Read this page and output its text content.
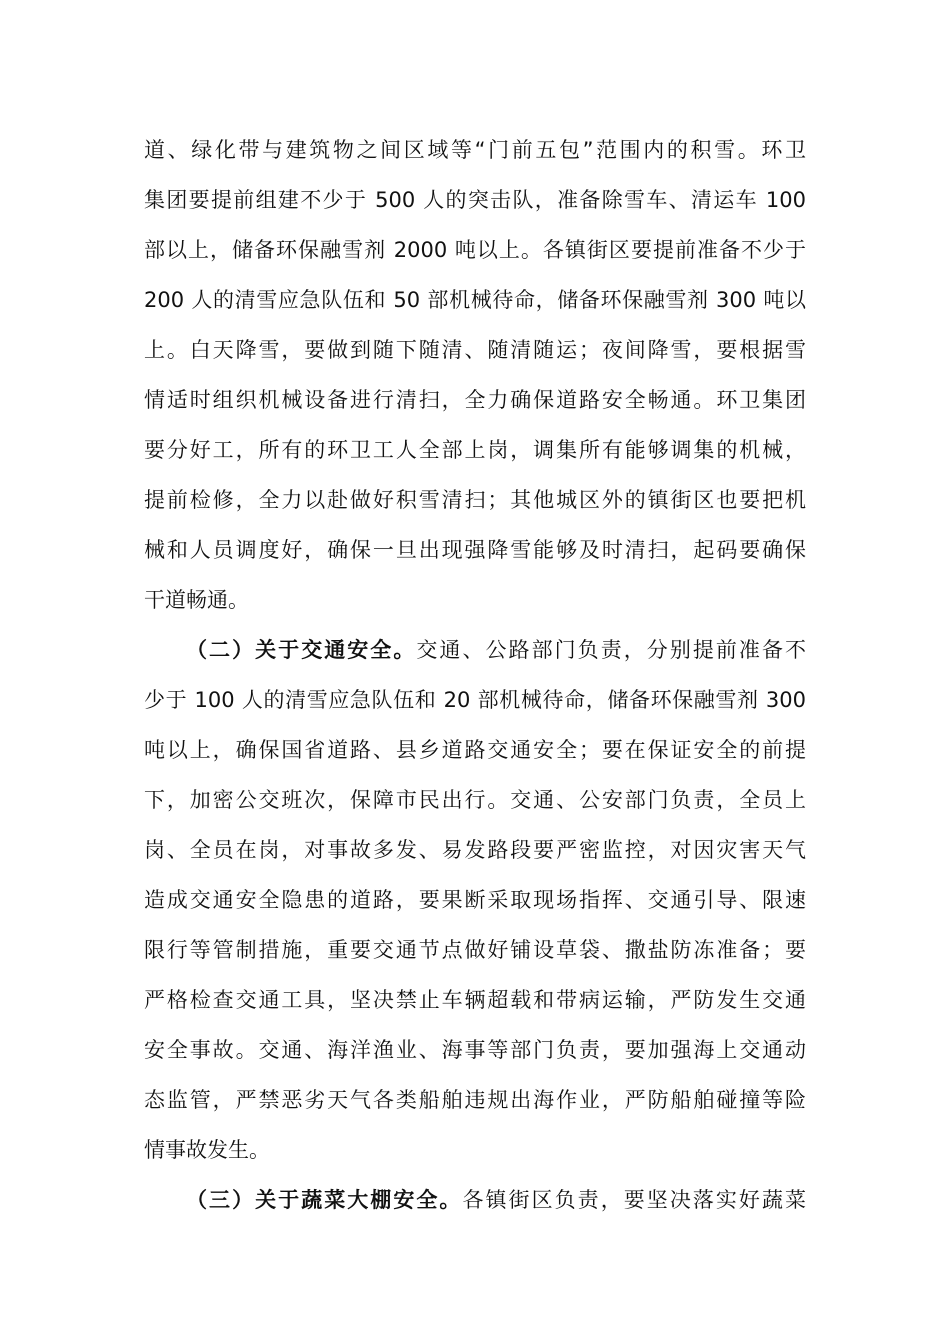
道、绿化带与建筑物之间区域等“门前五包”范围内的积雪。环卫
集团要提前组建不少于 500 人的突击队，准备除雪车、清运车 100
部以上，储备环保融雪剂 2000 吨以上。各镇街区要提前准备不少于
200 人的清雪应急队伍和 50 部机械待命，储备环保融雪剂 300 吨以
上。白天降雪，要做到随下随清、随清随运；夜间降雪，要根据雪
情适时组织机械设备进行清扫，全力确保道路安全畅通。环卫集团
要分好工，所有的环卫工人全部上岗，调集所有能够调集的机械，
提前检修，全力以赴做好积雪清扫；其他城区外的镇街区也要把机
械和人员调度好，确保一旦出现强降雪能够及时清扫，起码要确保
干道畅通。
（二）关于交通安全。交通、公路部门负责，分别提前准备不
少于 100 人的清雪应急队伍和 20 部机械待命，储备环保融雪剂 300
吨以上，确保国省道路、县乡道路交通安全；要在保证安全的前提
下，加密公交班次，保障市民出行。交通、公安部门负责，全员上
岗、全员在岗，对事故多发、易发路段要严密监控，对因灾害天气
造成交通安全隐患的道路，要果断采取现场指挥、交通引导、限速
限行等管制措施，重要交通节点做好铺设草袋、撒盐防冻准备；要
严格检查交通工具，坚决禁止车辆超载和带病运输，严防发生交通
安全事故。交通、海洋渔业、海事等部门负责，要加强海上交通动
态监管，严禁恶劣天气各类船舶违规出海作业，严防船舶碰撞等险
情事故发生。
（三）关于蔬菜大棚安全。各镇街区负责，要坚决落实好蔬菜
